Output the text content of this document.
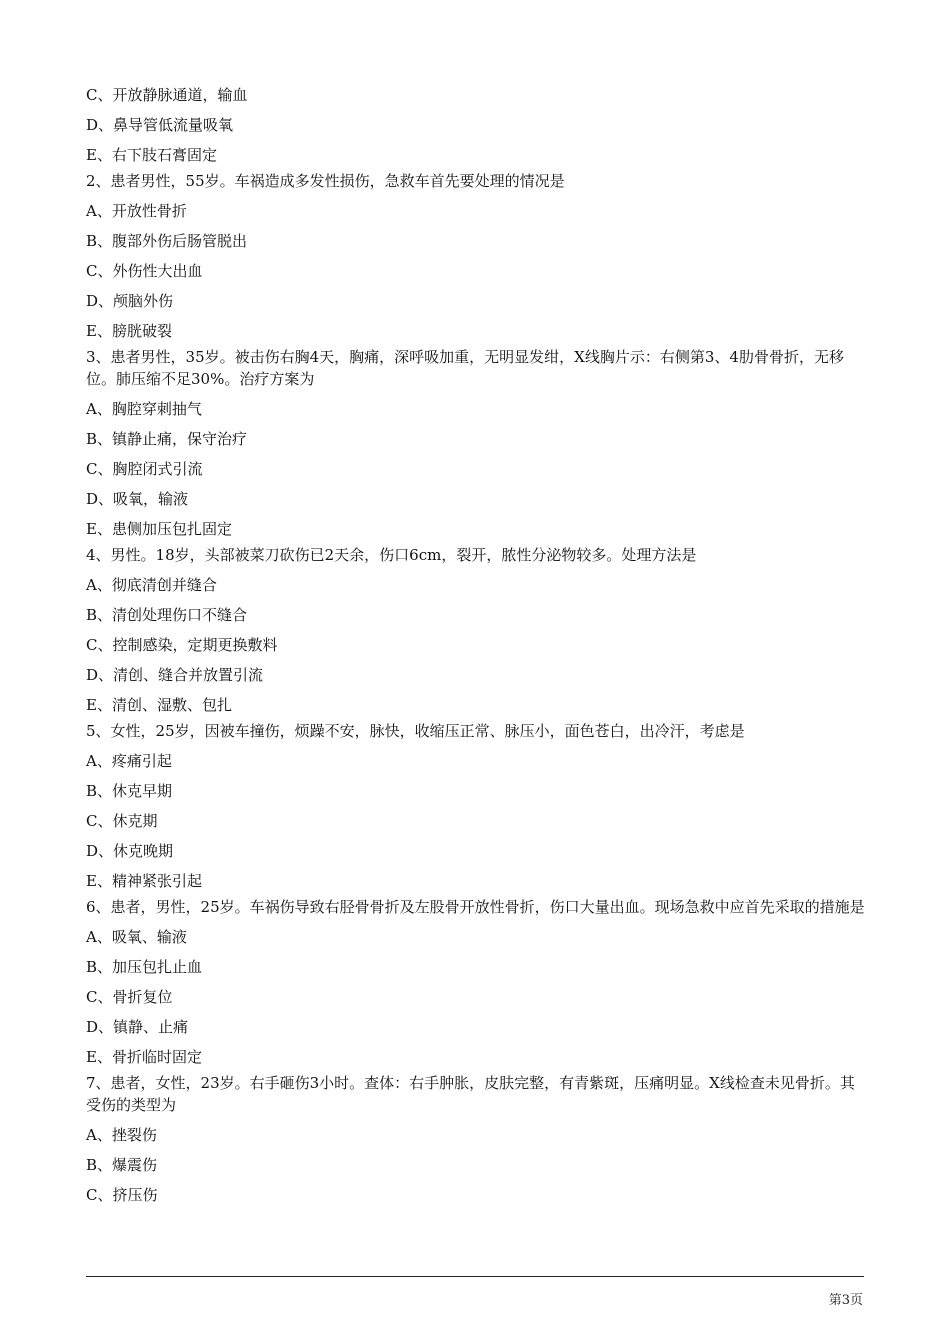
C、开放静脉通道，输血

D、鼻导管低流量吸氧

E、右下肢石膏固定

2、患者男性，55岁。车祸造成多发性损伤，急救车首先要处理的情况是

A、开放性骨折

B、腹部外伤后肠管脱出

C、外伤性大出血

D、颅脑外伤

E、膀胱破裂

3、患者男性，35岁。被击伤右胸4天，胸痛，深呼吸加重，无明显发绀，X线胸片示：右侧第3、4肋骨骨折，无移位。肺压缩不足30%。治疗方案为

A、胸腔穿刺抽气

B、镇静止痛，保守治疗

C、胸腔闭式引流

D、吸氧，输液

E、患侧加压包扎固定

4、男性。18岁，头部被菜刀砍伤已2天余，伤口6cm，裂开，脓性分泌物较多。处理方法是

A、彻底清创并缝合

B、清创处理伤口不缝合

C、控制感染，定期更换敷料

D、清创、缝合并放置引流

E、清创、湿敷、包扎

5、女性，25岁，因被车撞伤，烦躁不安，脉快，收缩压正常、脉压小，面色苍白，出冷汗，考虑是

A、疼痛引起

B、休克早期

C、休克期

D、休克晚期

E、精神紧张引起

6、患者，男性，25岁。车祸伤导致右胫骨骨折及左股骨开放性骨折，伤口大量出血。现场急救中应首先采取的措施是

A、吸氧、输液

B、加压包扎止血

C、骨折复位

D、镇静、止痛

E、骨折临时固定

7、患者，女性，23岁。右手砸伤3小时。查体：右手肿胀，皮肤完整，有青紫斑，压痛明显。X线检查未见骨折。其受伤的类型为

A、挫裂伤

B、爆震伤

C、挤压伤

第3页
